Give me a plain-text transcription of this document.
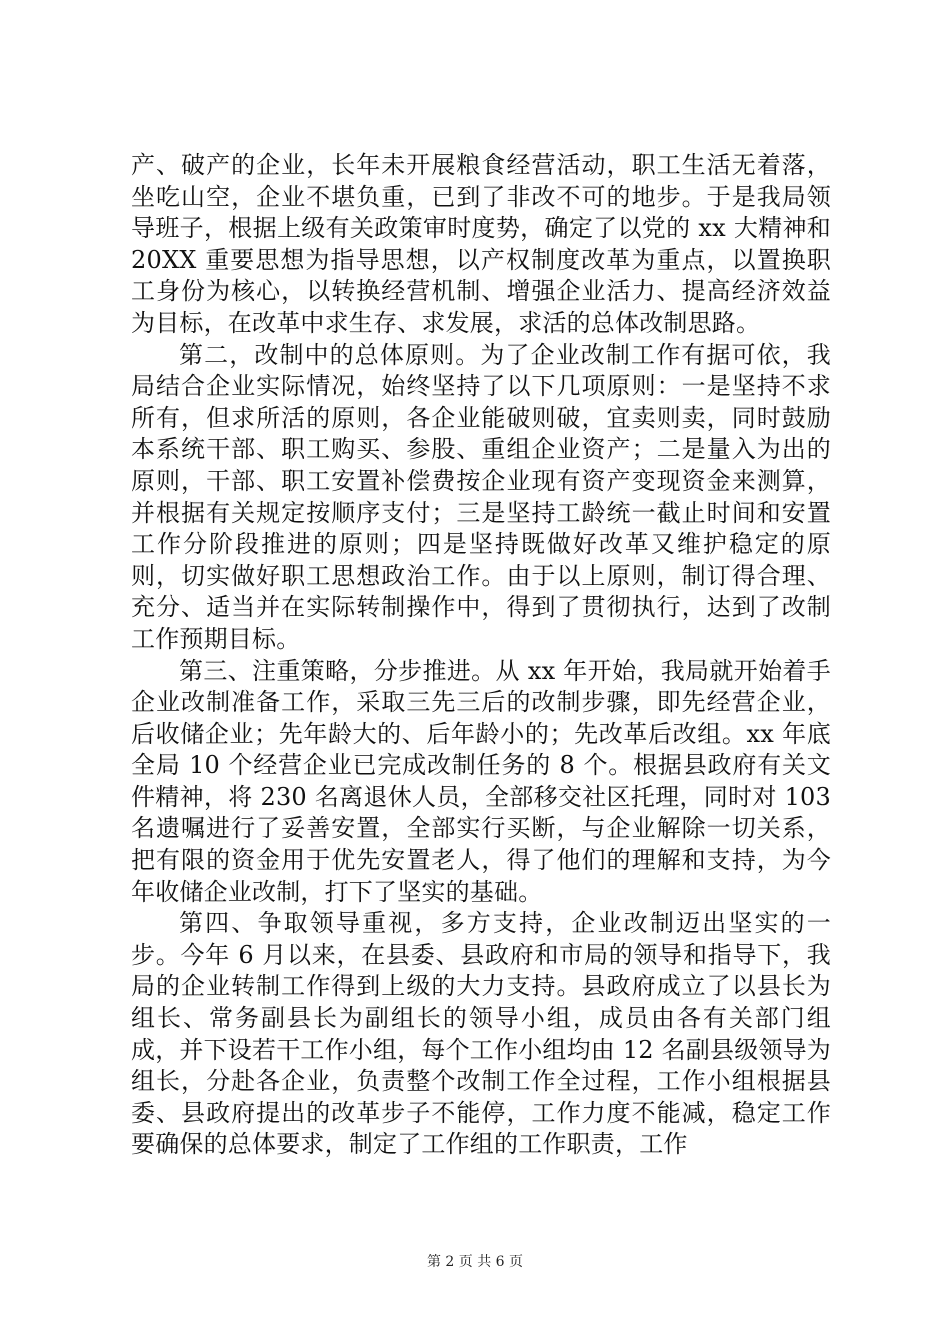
产、破产的企业，长年未开展粮食经营活动，职工生活无着落，坐吃山空，企业不堪负重，已到了非改不可的地步。于是我局领导班子，根据上级有关政策审时度势，确定了以党的 xx 大精神和 20XX 重要思想为指导思想，以产权制度改革为重点，以置换职工身份为核心，以转换经营机制、增强企业活力、提高经济效益为目标，在改革中求生存、求发展，求活的总体改制思路。

第二，改制中的总体原则。为了企业改制工作有据可依，我局结合企业实际情况，始终坚持了以下几项原则：一是坚持不求所有，但求所活的原则，各企业能破则破，宜卖则卖，同时鼓励本系统干部、职工购买、参股、重组企业资产；二是量入为出的原则，干部、职工安置补偿费按企业现有资产变现资金来测算，并根据有关规定按顺序支付；三是坚持工龄统一截止时间和安置工作分阶段推进的原则；四是坚持既做好改革又维护稳定的原则，切实做好职工思想政治工作。由于以上原则，制订得合理、充分、适当并在实际转制操作中，得到了贯彻执行，达到了改制工作预期目标。

第三、注重策略，分步推进。从 xx 年开始，我局就开始着手企业改制准备工作，采取三先三后的改制步骤，即先经营企业，后收储企业；先年龄大的、后年龄小的；先改革后改组。xx 年底全局 10 个经营企业已完成改制任务的 8 个。根据县政府有关文件精神，将 230 名离退休人员，全部移交社区托理，同时对 103 名遗嘱进行了妥善安置，全部实行买断，与企业解除一切关系，把有限的资金用于优先安置老人，得了他们的理解和支持，为今年收储企业改制，打下了坚实的基础。

第四、争取领导重视，多方支持，企业改制迈出坚实的一步。今年 6 月以来，在县委、县政府和市局的领导和指导下，我局的企业转制工作得到上级的大力支持。县政府成立了以县长为组长、常务副县长为副组长的领导小组，成员由各有关部门组成，并下设若干工作小组，每个工作小组均由 12 名副县级领导为组长，分赴各企业，负责整个改制工作全过程，工作小组根据县委、县政府提出的改革步子不能停，工作力度不能减，稳定工作要确保的总体要求，制定了工作组的工作职责，工作

第 2 页 共 6 页
